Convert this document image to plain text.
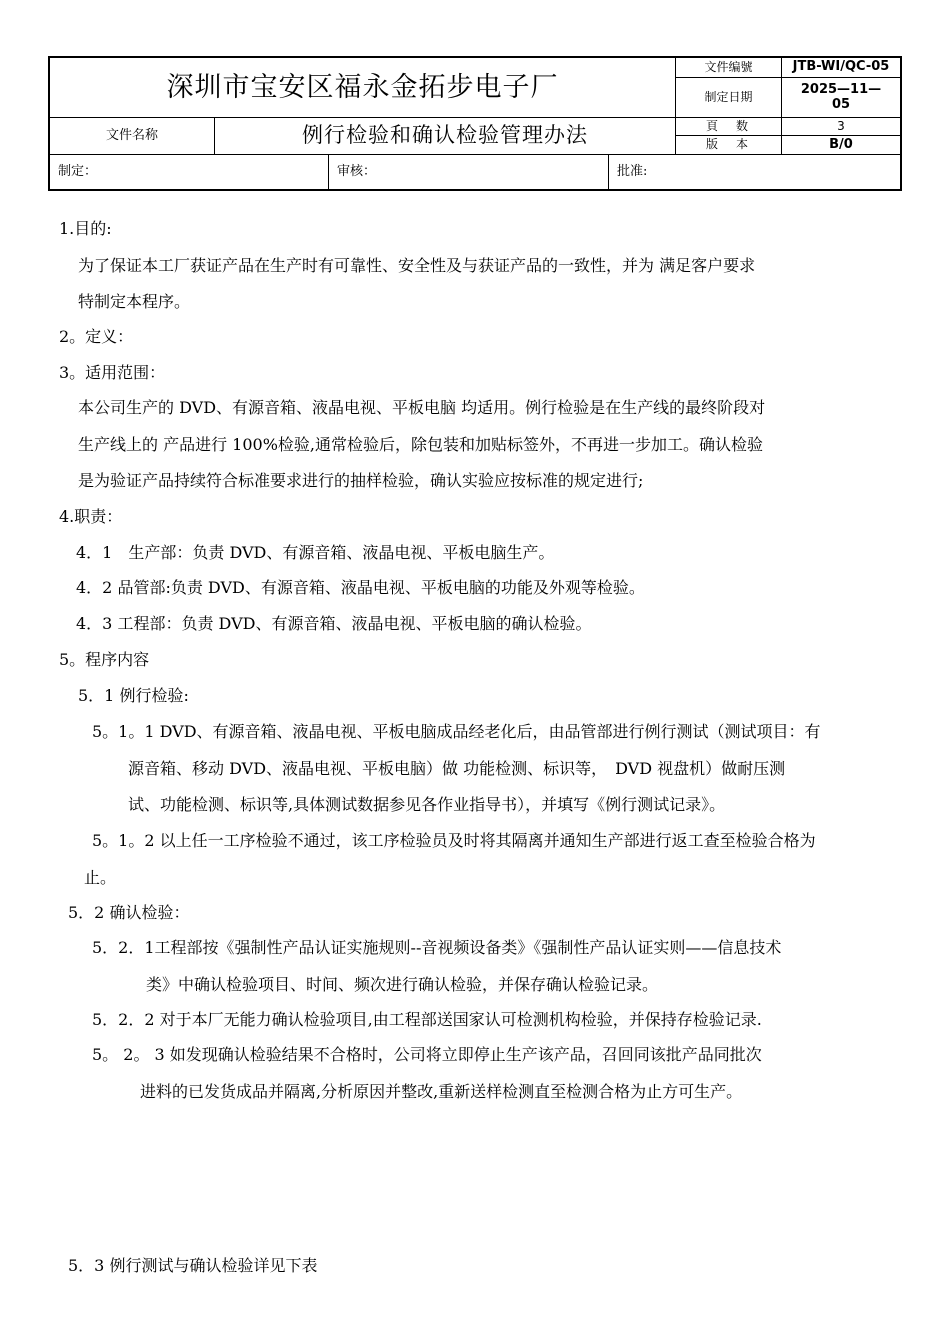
深圳市宝安区福永金拓步电子厂
文件编號	JTB-WI/QC-05
制定日期	2025—11—
05
文件名称	例行检验和确认检验管理办法	頁　数	3
版　本	B/0
制定：	审核：	批准:
1.目的:
为了保证本工厂获证产品在生产时有可靠性、安全性及与获证产品的一致性，并为 满足客户要求
特制定本程序。
2。定义：
3。适用范围：
本公司生产的 DVD、有源音箱、液晶电视、平板电脑 均适用。例行检验是在生产线的最终阶段对
生产线上的 产品进行 100%检验,通常检验后，除包装和加贴标签外，不再进一步加工。确认检验
是为验证产品持续符合标准要求进行的抽样检验，确认实验应按标准的规定进行;
4.职责：
4．1　生产部：负责 DVD、有源音箱、液晶电视、平板电脑生产。
4．2 品管部:负责 DVD、有源音箱、液晶电视、平板电脑的功能及外观等检验。
4．3 工程部：负责 DVD、有源音箱、液晶电视、平板电脑的确认检验。
5。程序内容
5．1 例行检验:
5。1。1 DVD、有源音箱、液晶电视、平板电脑成品经老化后，由品管部进行例行测试（测试项目：有
源音箱、移动 DVD、液晶电视、平板电脑）做 功能检测、标识等，　DVD 视盘机）做耐压测
试、功能检测、标识等,具体测试数据参见各作业指导书），并填写《例行测试记录》。
5。1。2 以上任一工序检验不通过，该工序检验员及时将其隔离并通知生产部进行返工查至检验合格为
止。
5．2 确认检验：
5．2．1工程部按《强制性产品认证实施规则--音视频设备类》《强制性产品认证实则——信息技术
类》中确认检验项目、时间、频次进行确认检验，并保存确认检验记录。
5．2．2 对于本厂无能力确认检验项目,由工程部送国家认可检测机构检验，并保持存检验记录.
5。 2。 3 如发现确认检验结果不合格时，公司将立即停止生产该产品，召回同该批产品同批次
进料的已发货成品并隔离,分析原因并整改,重新送样检测直至检测合格为止方可生产。
5．3 例行测试与确认检验详见下表
